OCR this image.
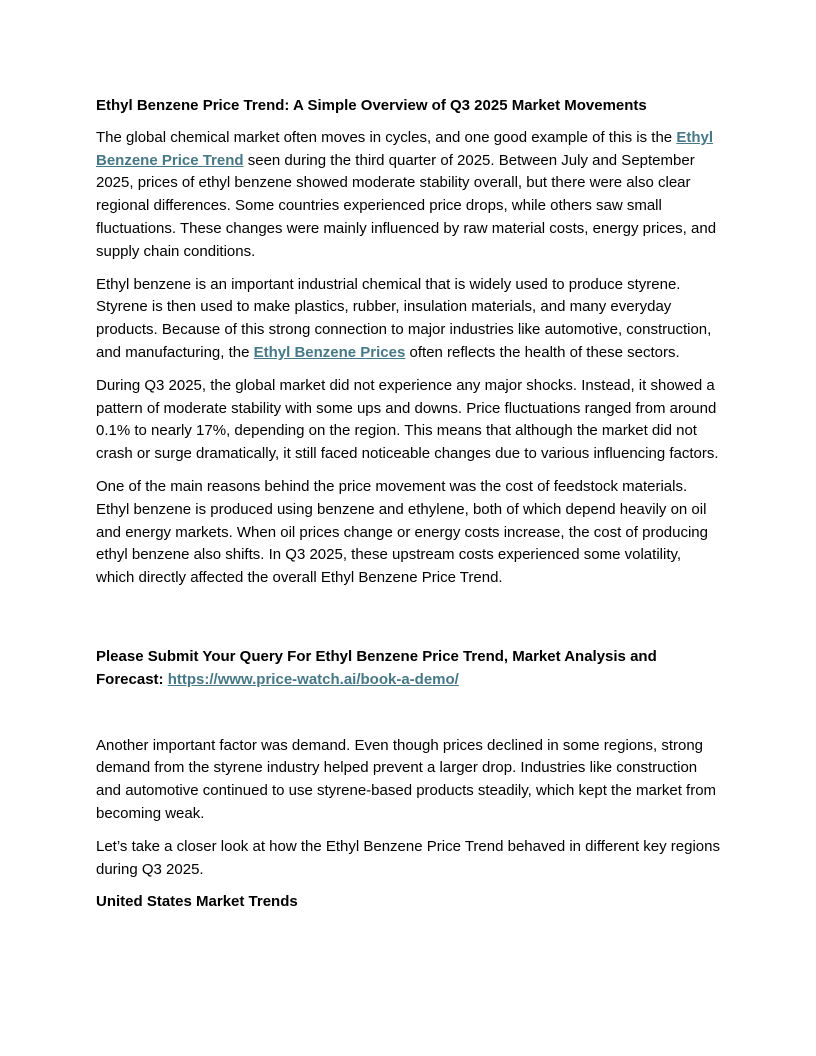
Ethyl Benzene Price Trend: A Simple Overview of Q3 2025 Market Movements

The global chemical market often moves in cycles, and one good example of this is the Ethyl Benzene Price Trend seen during the third quarter of 2025. Between July and September 2025, prices of ethyl benzene showed moderate stability overall, but there were also clear regional differences. Some countries experienced price drops, while others saw small fluctuations. These changes were mainly influenced by raw material costs, energy prices, and supply chain conditions.

Ethyl benzene is an important industrial chemical that is widely used to produce styrene. Styrene is then used to make plastics, rubber, insulation materials, and many everyday products. Because of this strong connection to major industries like automotive, construction, and manufacturing, the Ethyl Benzene Prices often reflects the health of these sectors.

During Q3 2025, the global market did not experience any major shocks. Instead, it showed a pattern of moderate stability with some ups and downs. Price fluctuations ranged from around 0.1% to nearly 17%, depending on the region. This means that although the market did not crash or surge dramatically, it still faced noticeable changes due to various influencing factors.

One of the main reasons behind the price movement was the cost of feedstock materials. Ethyl benzene is produced using benzene and ethylene, both of which depend heavily on oil and energy markets. When oil prices change or energy costs increase, the cost of producing ethyl benzene also shifts. In Q3 2025, these upstream costs experienced some volatility, which directly affected the overall Ethyl Benzene Price Trend.

Please Submit Your Query For Ethyl Benzene Price Trend, Market Analysis and Forecast: https://www.price-watch.ai/book-a-demo/

Another important factor was demand. Even though prices declined in some regions, strong demand from the styrene industry helped prevent a larger drop. Industries like construction and automotive continued to use styrene-based products steadily, which kept the market from becoming weak.

Let’s take a closer look at how the Ethyl Benzene Price Trend behaved in different key regions during Q3 2025.

United States Market Trends
